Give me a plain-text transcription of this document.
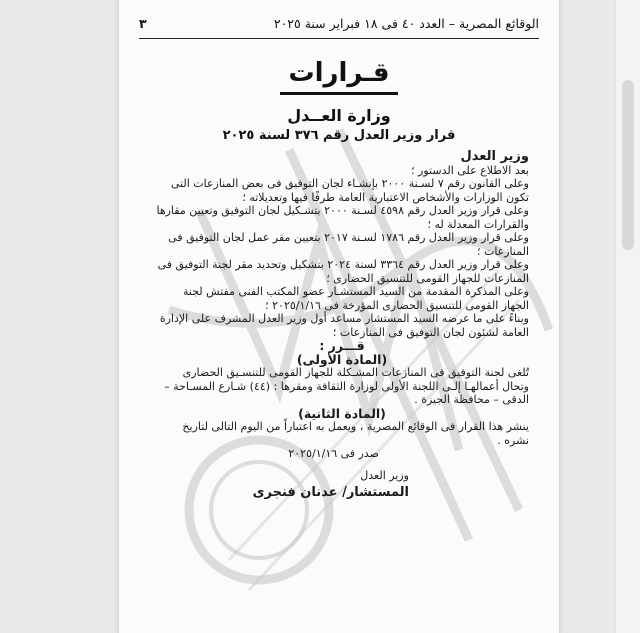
الوقائع المصرية – العدد ٤٠ فى ١٨ فبراير سنة ٢٠٢٥
٣
قـرارات
وزارة العــدل
قرار وزير العدل رقم ٣٧٦ لسنة ٢٠٢٥

وزير العدل

بعد الاطلاع على الدستور ؛

وعلى القانون رقم ٧ لسـنة ٢٠٠٠ بإنشـاء لجان التوفيق فى بعض المنازعات التى تكون الوزارات والأشخاص الاعتبارية العامة طرفًا فيها وتعديلاته ؛

وعلى قرار وزير العدل رقم ٤٥٩٨ لسـنة ٢٠٠٠ بتشـكيل لجان التوفيق وتعيين مقارها والقرارات المعدلة له ؛

وعلى قرار وزير العدل رقم ١٧٨٦ لسـنة ٢٠١٧ بتعيين مقر عمل لجان التوفيق فى المنازعات ؛

وعلى قرار وزير العدل رقم ٣٣٦٤ لسنة ٢٠٢٤ بتشكيل وتحديد مقر لجنة التوفيق فى المنازعات للجهاز القومى للتنسيق الحضارى ؛

وعلى المذكرة المقدمة من السيد المستشـار عضو المكتب الفنى مفتش لجنة الجهاز القومى للتنسيق الحضارى المؤرخة فى ٢٠٢٥/١/١٦ ؛

وبناءً على ما عرضه السيد المستشار مساعد أول وزير العدل المشرف على الإدارة العامة لشئون لجان التوفيق فى المنازعات ؛

قـــرر :

(المادة الأولى)

تُلغى لجنة التوفيق فى المنازعات المشـكلة للجهاز القومى للتنسـيق الحضارى وتحال أعمالهـا إلـى اللجنة الأولى لوزارة الثقافة ومقرها : (٤٤) شـارع المسـاحة – الدقى – محافظة الجيزة .

(المادة الثانية)

ينشر هذا القرار فى الوقائع المصرية ، ويعمل به اعتباراً من اليوم التالى لتاريخ نشره .

صدر فى ٢٠٢٥/١/١٦

وزير العدل
المستشار/ عدنان فنجرى
